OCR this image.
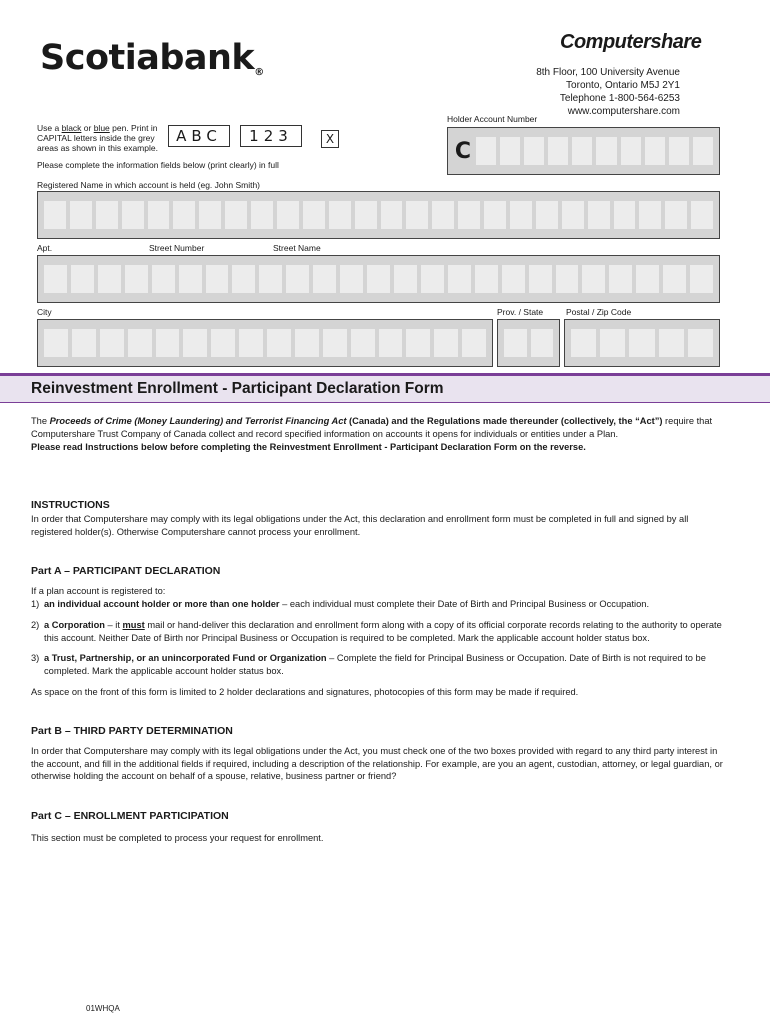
Scotiabank®
Computershare
8th Floor, 100 University Avenue
Toronto, Ontario M5J 2Y1
Telephone 1-800-564-6253
www.computershare.com
Use a black or blue pen. Print in CAPITAL letters inside the grey areas as shown in this example.
ABC	123	X
Please complete the information fields below (print clearly) in full
Holder Account Number
C
Registered Name in which account is held (eg. John Smith)
Apt.	Street Number	Street Name
City	Prov. / State	Postal / Zip Code
Reinvestment Enrollment - Participant Declaration Form
The Proceeds of Crime (Money Laundering) and Terrorist Financing Act (Canada) and the Regulations made thereunder (collectively, the “Act”) require that Computershare Trust Company of Canada collect and record specified information on accounts it opens for individuals or entities under a Plan.
Please read Instructions below before completing the Reinvestment Enrollment - Participant Declaration Form on the reverse.
INSTRUCTIONS
In order that Computershare may comply with its legal obligations under the Act, this declaration and enrollment form must be completed in full and signed by all registered holder(s). Otherwise Computershare cannot process your enrollment.
Part A – PARTICIPANT DECLARATION
If a plan account is registered to:
1) an individual account holder or more than one holder – each individual must complete their Date of Birth and Principal Business or Occupation.
2) a Corporation – it must mail or hand-deliver this declaration and enrollment form along with a copy of its official corporate records relating to the authority to operate
this account. Neither Date of Birth nor Principal Business or Occupation is required to be completed. Mark the applicable account holder status box.
3) a Trust, Partnership, or an unincorporated Fund or Organization – Complete the field for Principal Business or Occupation. Date of Birth is not required to be
completed. Mark the applicable account holder status box.
As space on the front of this form is limited to 2 holder declarations and signatures, photocopies of this form may be made if required.
Part B – THIRD PARTY DETERMINATION
In order that Computershare may comply with its legal obligations under the Act, you must check one of the two boxes provided with regard to any third party interest in the account, and fill in the additional fields if required, including a description of the relationship. For example, are you an agent, custodian, attorney, or legal guardian, or otherwise holding the account on behalf of a spouse, relative, business partner or friend?
Part C – ENROLLMENT PARTICIPATION
This section must be completed to process your request for enrollment.
01WHQA
